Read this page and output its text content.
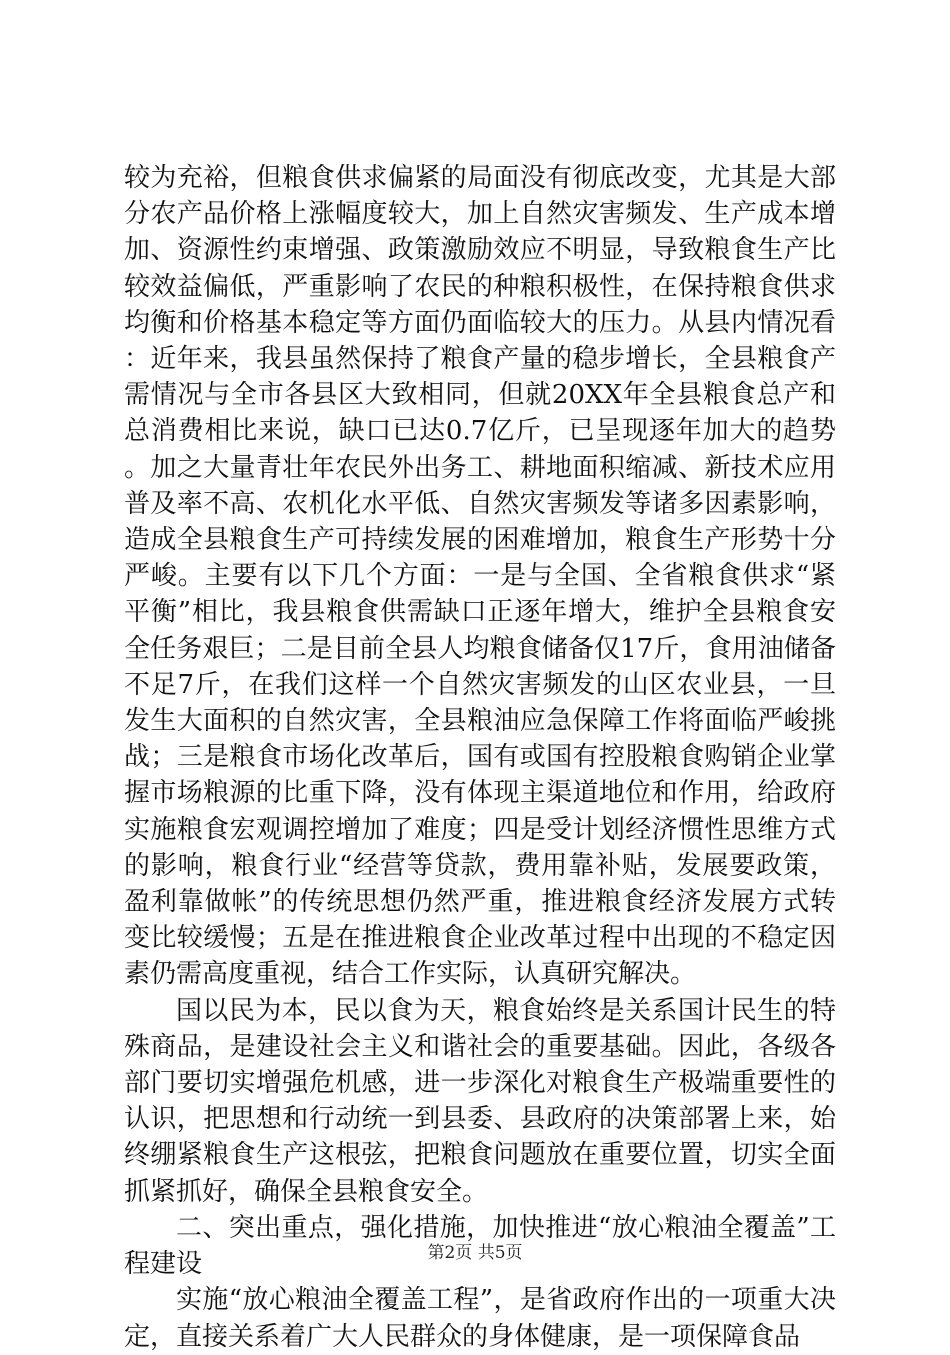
较为充裕，但粮食供求偏紧的局面没有彻底改变，尤其是大部分农产品价格上涨幅度较大，加上自然灾害频发、生产成本增加、资源性约束增强、政策激励效应不明显，导致粮食生产比较效益偏低，严重影响了农民的种粮积极性，在保持粮食供求均衡和价格基本稳定等方面仍面临较大的压力。从县内情况看：近年来，我县虽然保持了粮食产量的稳步增长，全县粮食产需情况与全市各县区大致相同，但就20XX年全县粮食总产和总消费相比来说，缺口已达0.7亿斤，已呈现逐年加大的趋势。加之大量青壮年农民外出务工、耕地面积缩减、新技术应用普及率不高、农机化水平低、自然灾害频发等诸多因素影响，造成全县粮食生产可持续发展的困难增加，粮食生产形势十分严峻。主要有以下几个方面：一是与全国、全省粮食供求“紧平衡”相比，我县粮食供需缺口正逐年增大，维护全县粮食安全任务艰巨；二是目前全县人均粮食储备仅17斤，食用油储备不足7斤，在我们这样一个自然灾害频发的山区农业县，一旦发生大面积的自然灾害，全县粮油应急保障工作将面临严峻挑战；三是粮食市场化改革后，国有或国有控股粮食购销企业掌握市场粮源的比重下降，没有体现主渠道地位和作用，给政府实施粮食宏观调控增加了难度；四是受计划经济惯性思维方式的影响，粮食行业“经营等贷款，费用靠补贴，发展要政策，盈利靠做帐”的传统思想仍然严重，推进粮食经济发展方式转变比较缓慢；五是在推进粮食企业改革过程中出现的不稳定因素仍需高度重视，结合工作实际，认真研究解决。

国以民为本，民以食为天，粮食始终是关系国计民生的特殊商品，是建设社会主义和谐社会的重要基础。因此，各级各部门要切实增强危机感，进一步深化对粮食生产极端重要性的认识，把思想和行动统一到县委、县政府的决策部署上来，始终绷紧粮食生产这根弦，把粮食问题放在重要位置，切实全面抓紧抓好，确保全县粮食安全。

二、突出重点，强化措施，加快推进“放心粮油全覆盖”工程建设

实施“放心粮油全覆盖工程”，是省政府作出的一项重大决定，直接关系着广大人民群众的身体健康，是一项保障食品

第2页 共5页
